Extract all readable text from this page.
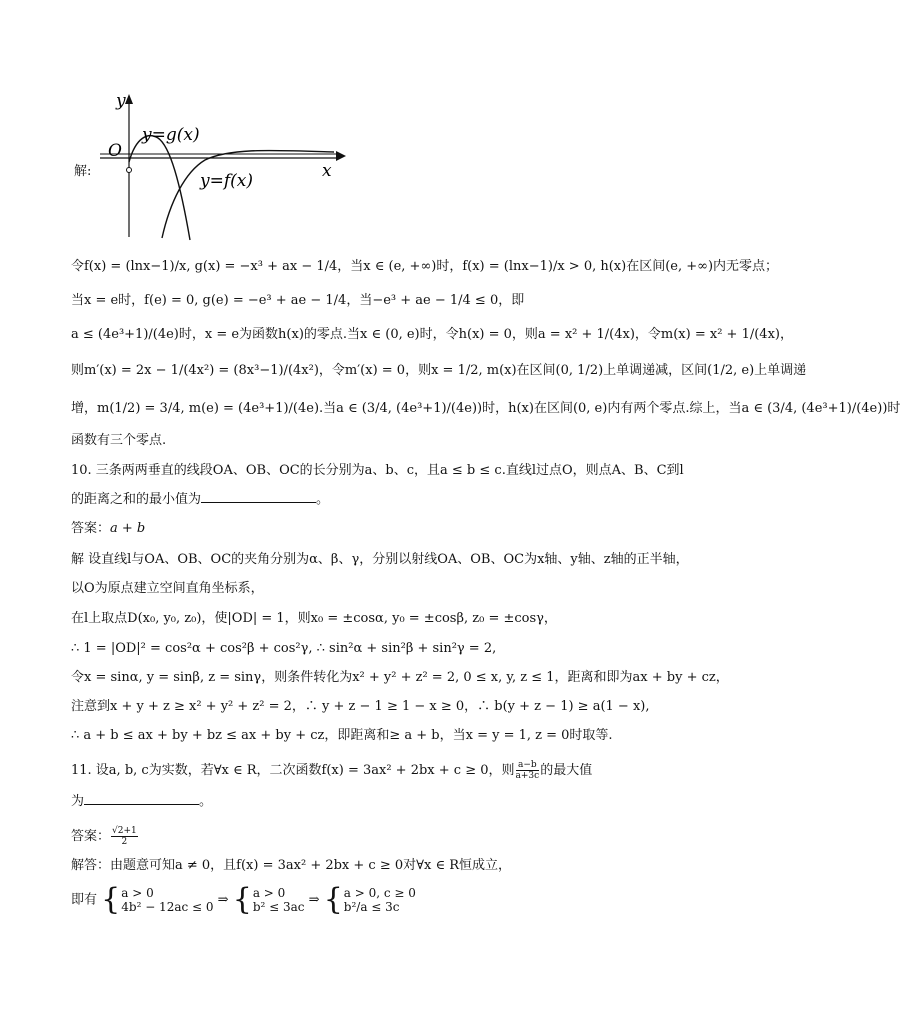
解:
y
x
O
y=g(x)
y=f(x)
令f(x) = (lnx−1)/x, g(x) = −x³ + ax − 1/4，当x ∈ (e, +∞)时，f(x) = (lnx−1)/x > 0, h(x)在区间(e, +∞)内无零点；
当x = e时，f(e) = 0, g(e) = −e³ + ae − 1/4，当−e³ + ae − 1/4 ≤ 0，即
a ≤ (4e³+1)/(4e)时，x = e为函数h(x)的零点.当x ∈ (0, e)时，令h(x) = 0，则a = x² + 1/(4x)，令m(x) = x² + 1/(4x)，
则m′(x) = 2x − 1/(4x²) = (8x³−1)/(4x²)，令m′(x) = 0，则x = 1/2, m(x)在区间(0, 1/2)上单调递减，区间(1/2, e)上单调递
增，m(1/2) = 3/4, m(e) = (4e³+1)/(4e).当a ∈ (3/4, (4e³+1)/(4e))时，h(x)在区间(0, e)内有两个零点.综上，当a ∈ (3/4, (4e³+1)/(4e))时
函数有三个零点.
10. 三条两两垂直的线段OA、OB、OC的长分别为a、b、c，且a ≤ b ≤ c.直线l过点O，则点A、B、C到l
的距离之和的最小值为	。
答案：a + b
解 设直线l与OA、OB、OC的夹角分别为α、β、γ，分别以射线OA、OB、OC为x轴、y轴、z轴的正半轴，
以O为原点建立空间直角坐标系，
在l上取点D(x₀, y₀, z₀)，使|OD| = 1，则x₀ = ±cosα, y₀ = ±cosβ, z₀ = ±cosγ，
∴ 1 = |OD|² = cos²α + cos²β + cos²γ, ∴ sin²α + sin²β + sin²γ = 2,
令x = sinα, y = sinβ, z = sinγ，则条件转化为x² + y² + z² = 2, 0 ≤ x, y, z ≤ 1，距离和即为ax + by + cz，
注意到x + y + z ≥ x² + y² + z² = 2，∴ y + z − 1 ≥ 1 − x ≥ 0，∴ b(y + z − 1) ≥ a(1 − x),
∴ a + b ≤ ax + by + bz ≤ ax + by + cz，即距离和≥ a + b，当x = y = 1, z = 0时取等.
11. 设a, b, c为实数，若∀x ∈ R，二次函数f(x) = 3ax² + 2bx + c ≥ 0，则 $\frac{a-b}{a+3c}$ 的最大值
为	。
答案： $\frac{√2+1}{2}$
解答：由题意可知a ≠ 0，且f(x) = 3ax² + 2bx + c ≥ 0对∀x ∈ R恒成立，
即有 { a > 0
4b² − 12ac ≤ 0 ⇒ { a > 0
b² ≤ 3ac ⇒ { a > 0, c ≥ 0
b²/a ≤ 3c
